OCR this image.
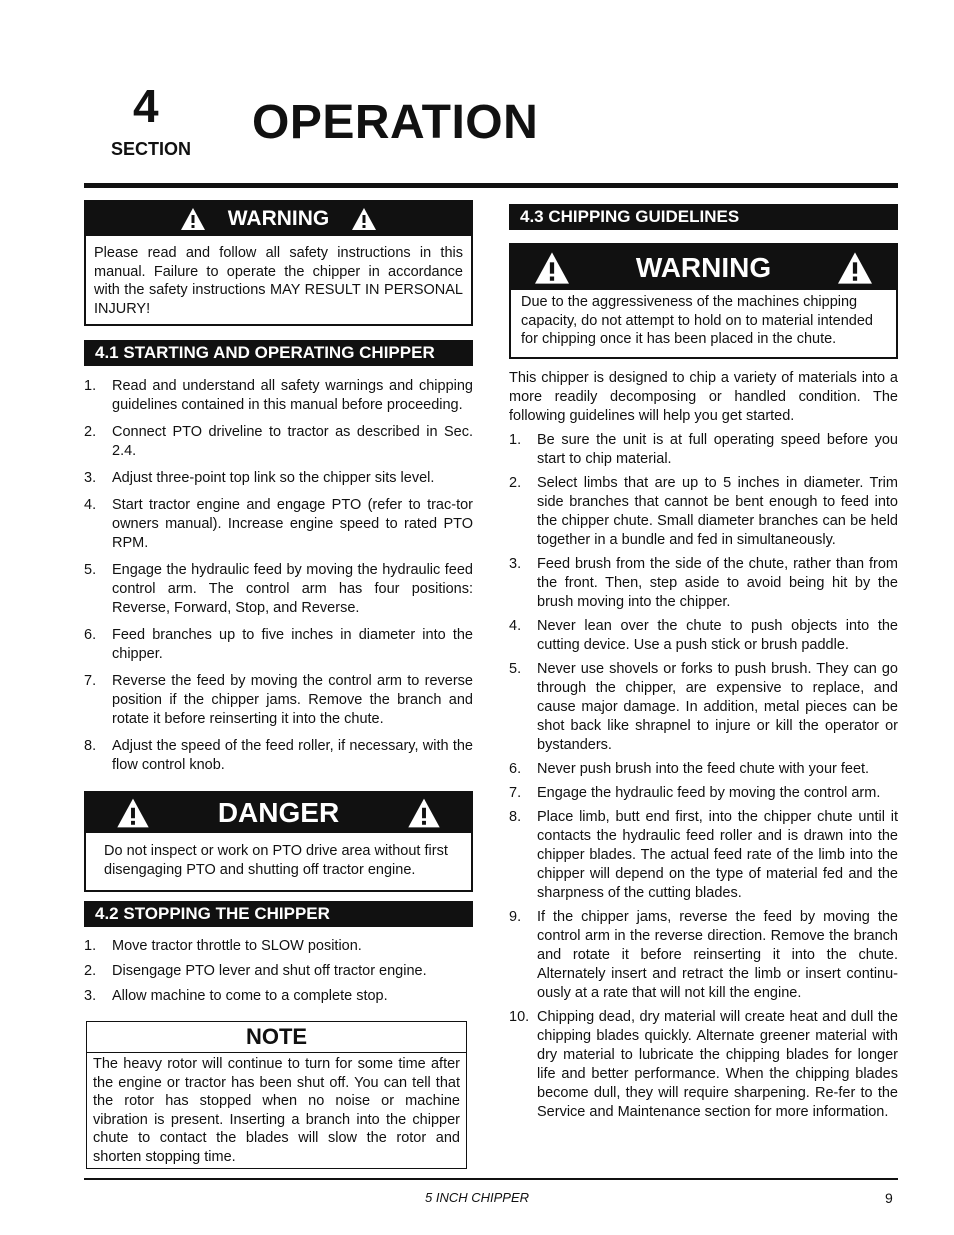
4
SECTION OPERATION
WARNING
Please read and follow all safety instructions in this manual. Failure to operate the chipper in accordance with the safety instructions MAY RESULT IN PERSONAL INJURY!
4.1 STARTING AND OPERATING CHIPPER
1. Read and understand all safety warnings and chipping guidelines contained in this manual before proceeding.
2. Connect PTO driveline to tractor as described in Sec. 2.4.
3. Adjust three-point top link so the chipper sits level.
4. Start tractor engine and engage PTO (refer to trac-tor owners manual). Increase engine speed to rated PTO RPM.
5. Engage the hydraulic feed by moving the hydraulic feed control arm. The control arm has four positions: Reverse, Forward, Stop, and Reverse.
6. Feed branches up to five inches in diameter into the chipper.
7. Reverse the feed by moving the control arm to reverse position if the chipper jams. Remove the branch and rotate it before reinserting it into the chute.
8. Adjust the speed of the feed roller, if necessary, with the flow control knob.
DANGER
Do not inspect or work on PTO drive area without first disengaging PTO and shutting off tractor engine.
4.2 STOPPING THE CHIPPER
1. Move tractor throttle to SLOW position.
2. Disengage PTO lever and shut off tractor engine.
3. Allow machine to come to a complete stop.
NOTE
The heavy rotor will continue to turn for some time after the engine or tractor has been shut off. You can tell that the rotor has stopped when no noise or machine vibration is present. Inserting a branch into the chipper chute to contact the blades will slow the rotor and shorten stopping time.
4.3 CHIPPING GUIDELINES
WARNING
Due to the aggressiveness of the machines chipping capacity, do not attempt to hold on to material intended for chipping once it has been placed in the chute.
This chipper is designed to chip a variety of materials into a more readily decomposing or handled condition. The following guidelines will help you get started.
1. Be sure the unit is at full operating speed before you start to chip material.
2. Select limbs that are up to 5 inches in diameter. Trim side branches that cannot be bent enough to feed into the chipper chute. Small diameter branches can be held together in a bundle and fed in simultaneously.
3. Feed brush from the side of the chute, rather than from the front. Then, step aside to avoid being hit by the brush moving into the chipper.
4. Never lean over the chute to push objects into the cutting device. Use a push stick or brush paddle.
5. Never use shovels or forks to push brush. They can go through the chipper, are expensive to replace, and cause major damage. In addition, metal pieces can be shot back like shrapnel to injure or kill the operator or bystanders.
6. Never push brush into the feed chute with your feet.
7. Engage the hydraulic feed by moving the control arm.
8. Place limb, butt end first, into the chipper chute until it contacts the hydraulic feed roller and is drawn into the chipper blades. The actual feed rate of the limb into the chipper will depend on the type of material fed and the sharpness of the cutting blades.
9. If the chipper jams, reverse the feed by moving the control arm in the reverse direction. Remove the branch and rotate it before reinserting it into the chute. Alternately insert and retract the limb or insert continu-ously at a rate that will not kill the engine.
10. Chipping dead, dry material will create heat and dull the chipping blades quickly. Alternate greener material with dry material to lubricate the chipping blades for longer life and better performance. When the chipping blades become dull, they will require sharpening. Re-fer to the Service and Maintenance section for more information.
5 INCH CHIPPER	9
